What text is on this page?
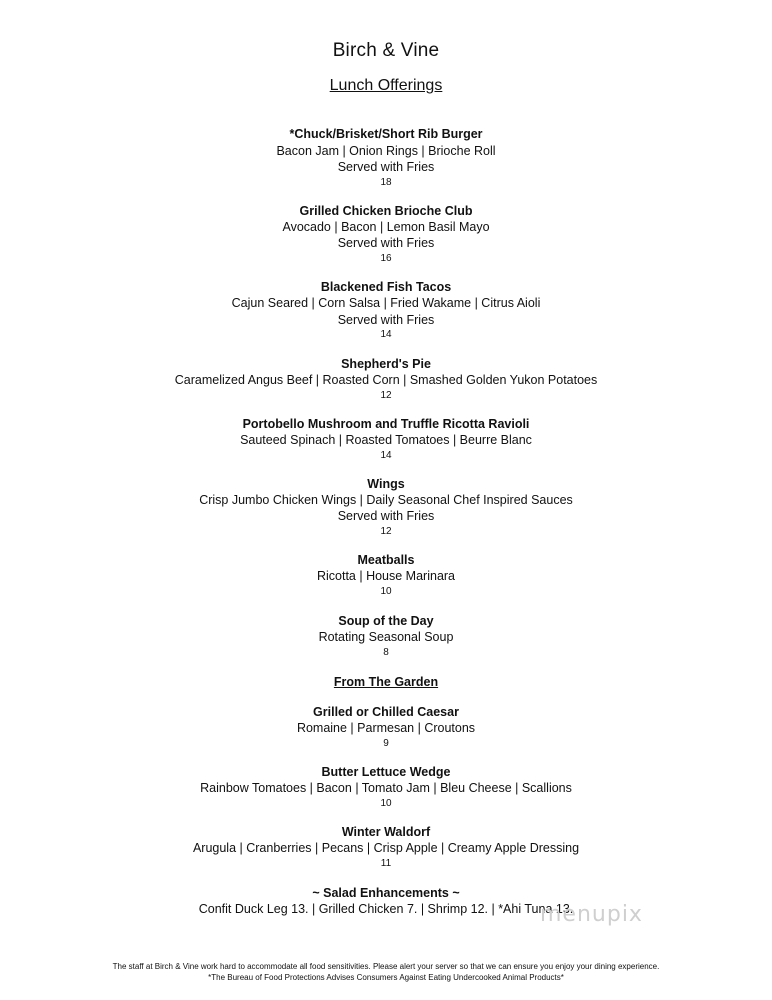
Birch & Vine
Lunch Offerings
*Chuck/Brisket/Short Rib Burger
Bacon Jam | Onion Rings | Brioche Roll
Served with Fries
18
Grilled Chicken Brioche Club
Avocado | Bacon | Lemon Basil Mayo
Served with Fries
16
Blackened Fish Tacos
Cajun Seared | Corn Salsa | Fried Wakame | Citrus Aioli
Served with Fries
14
Shepherd's Pie
Caramelized Angus Beef | Roasted Corn | Smashed Golden Yukon Potatoes
12
Portobello Mushroom and Truffle Ricotta Ravioli
Sauteed Spinach | Roasted Tomatoes | Beurre Blanc
14
Wings
Crisp Jumbo Chicken Wings | Daily Seasonal Chef Inspired Sauces
Served with Fries
12
Meatballs
Ricotta | House Marinara
10
Soup of the Day
Rotating Seasonal Soup
8
From The Garden
Grilled or Chilled Caesar
Romaine | Parmesan | Croutons
9
Butter Lettuce Wedge
Rainbow Tomatoes | Bacon | Tomato Jam | Bleu Cheese | Scallions
10
Winter Waldorf
Arugula | Cranberries | Pecans | Crisp Apple | Creamy Apple Dressing
11
~ Salad Enhancements ~
Confit Duck Leg 13. | Grilled Chicken 7. | Shrimp 12. | *Ahi Tuna 13.
menupix
The staff at Birch & Vine work hard to accommodate all food sensitivities. Please alert your server so that we can ensure you enjoy your dining experience.
*The Bureau of Food Protections Advises Consumers Against Eating Undercooked Animal Products*
